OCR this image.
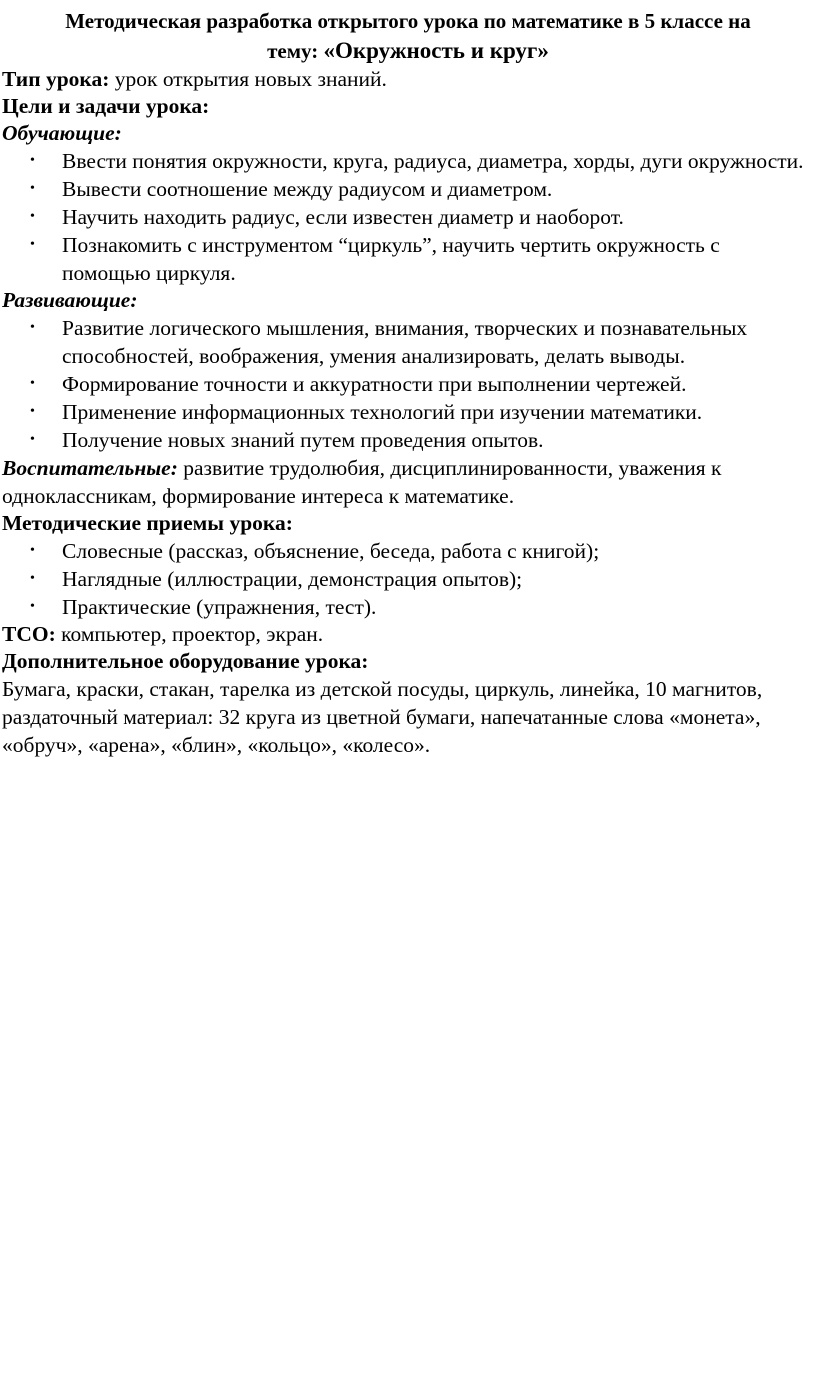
Методическая разработка открытого урока по математике в 5 классе на
тему: «Окружность и круг»

Тип урока: урок открытия новых знаний.

Цели и задачи урока:

Обучающие:

• Ввести понятия окружности, круга, радиуса, диаметра, хорды, дуги окружности.
• Вывести соотношение между радиусом и диаметром.
• Научить находить радиус, если известен диаметр и наоборот.
• Познакомить с инструментом “циркуль”, научить чертить окружность с помощью циркуля.

Развивающие:

• Развитие логического мышления, внимания, творческих и познавательных способностей, воображения, умения анализировать, делать выводы.
• Формирование точности и аккуратности при выполнении чертежей.
• Применение информационных технологий при изучении математики.
• Получение новых знаний путем проведения опытов.

Воспитательные: развитие трудолюбия, дисциплинированности, уважения к одноклассникам, формирование интереса к математике.

Методические приемы урока:

• Словесные (рассказ, объяснение, беседа, работа с книгой);
• Наглядные (иллюстрации, демонстрация опытов);
• Практические (упражнения, тест).

ТСО: компьютер, проектор, экран.

Дополнительное оборудование урока:

Бумага, краски, стакан, тарелка из детской посуды, циркуль, линейка, 10 магнитов, раздаточный материал: 32 круга из цветной бумаги, напечатанные слова «монета», «обруч», «арена», «блин», «кольцо», «колесо».
